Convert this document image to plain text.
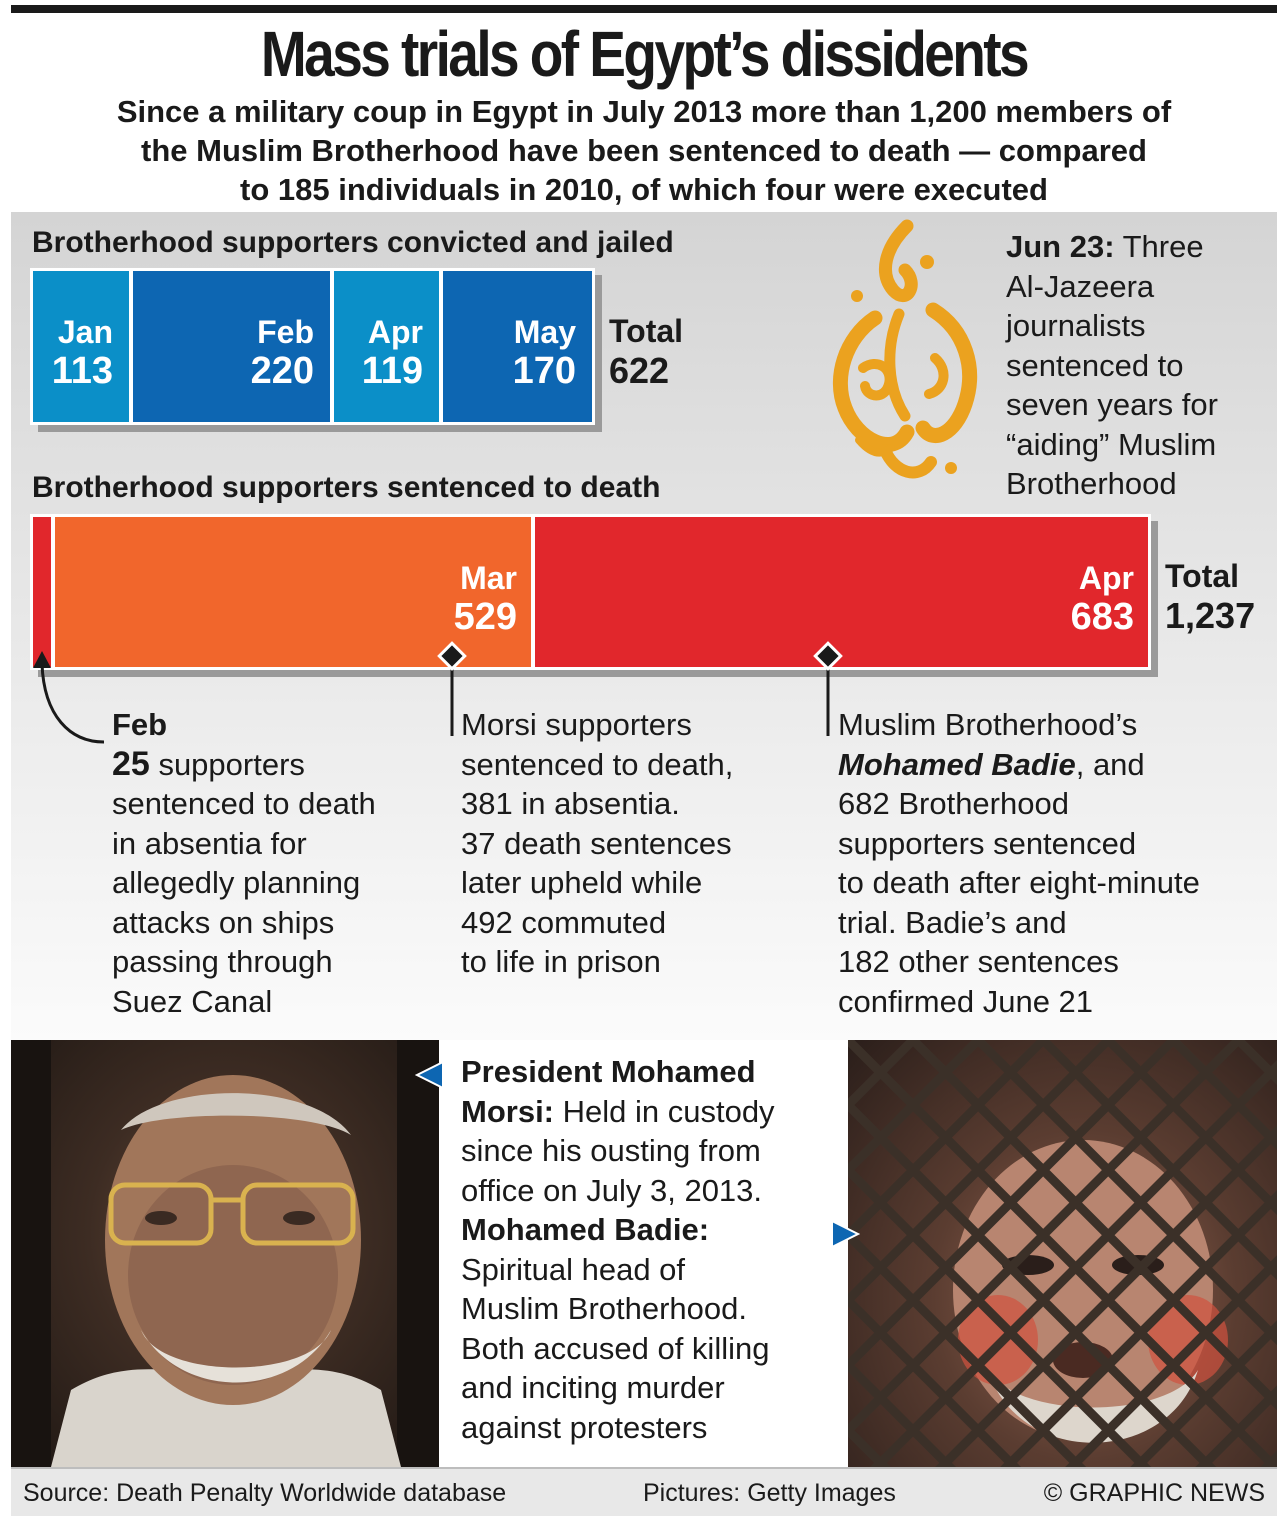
Mass trials of Egypt’s dissidents
Since a military coup in Egypt in July 2013 more than 1,200 members of
the Muslim Brotherhood have been sentenced to death — compared
to 185 individuals in 2010, of which four were executed
Brotherhood supporters convicted and jailed
Jan
113
Feb
220
Apr
119
May
170
Total
622
Jun 23: Three
Al-Jazeera
journalists
sentenced to
seven years for
“aiding” Muslim
Brotherhood
Brotherhood supporters sentenced to death
Mar
529
Apr
683
Total
1,237
Feb
25 supporters
sentenced to death
in absentia for
allegedly planning
attacks on ships
passing through
Suez Canal
Morsi supporters
sentenced to death,
381 in absentia.
37 death sentences
later upheld while
492 commuted
to life in prison
Muslim Brotherhood’s
Mohamed Badie, and
682 Brotherhood
supporters sentenced
to death after eight-minute
trial. Badie’s and
182 other sentences
confirmed June 21
President Mohamed
Morsi: Held in custody
since his ousting from
office on July 3, 2013.
Mohamed Badie:
Spiritual head of
Muslim Brotherhood.
Both accused of killing
and inciting murder
against protesters
Source: Death Penalty Worldwide database	Pictures: Getty Images	© GRAPHIC NEWS
